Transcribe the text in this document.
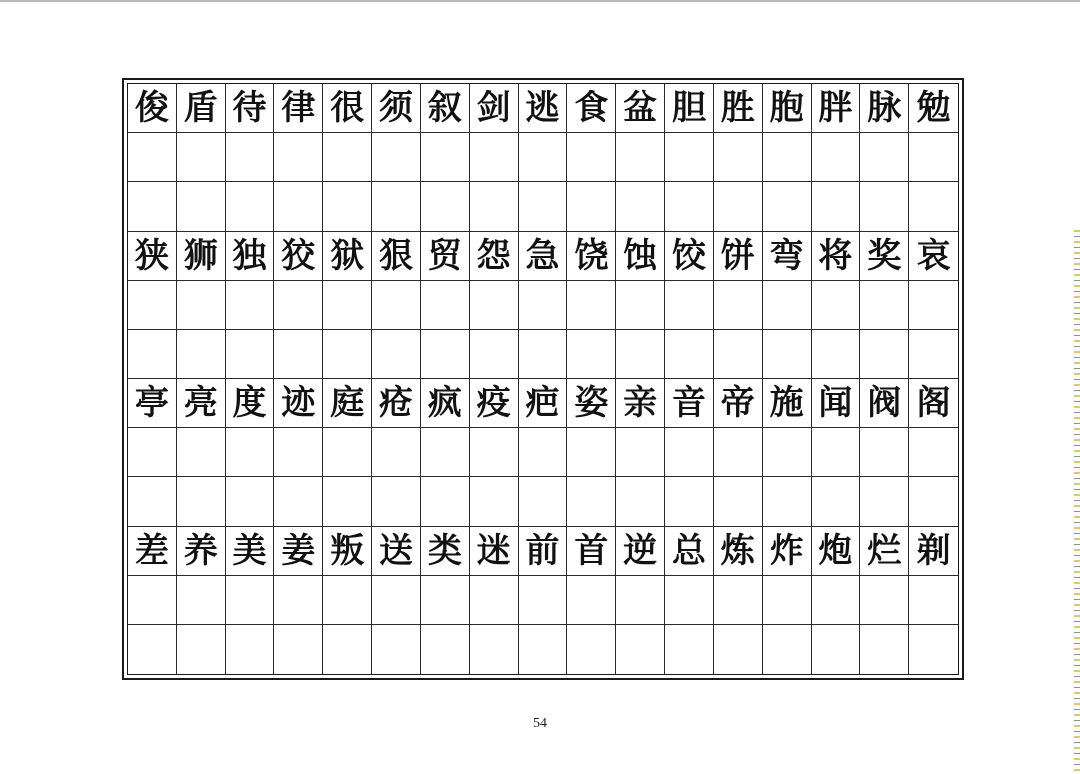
俊 盾 待 律 很 须 叙 剑 逃 食 盆 胆 胜 胞 胖 脉 勉
狭 狮 独 狡 狱 狠 贸 怨 急 饶 蚀 饺 饼 弯 将 奖 哀
亭 亮 度 迹 庭 疮 疯 疫 疤 姿 亲 音 帝 施 闻 阀 阁
差 养 美 姜 叛 送 类 迷 前 首 逆 总 炼 炸 炮 烂 剃
54
